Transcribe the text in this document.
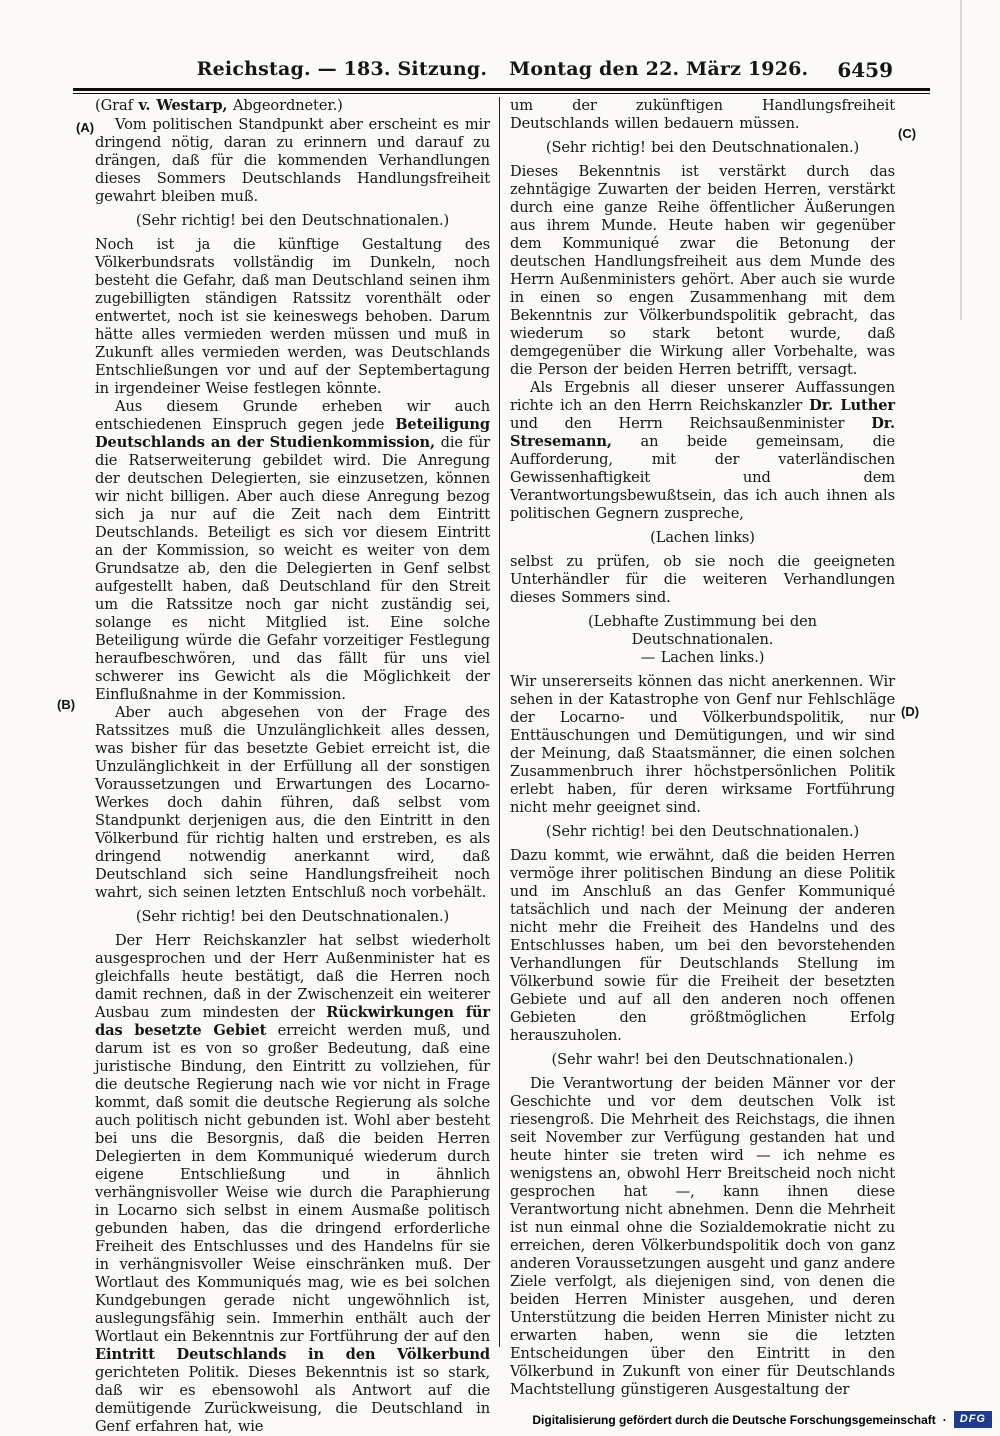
Reichstag. — 183. Sitzung. Montag den 22. März 1926.	6459
(Graf v. Westarp, Abgeordneter.)
Vom politischen Standpunkt aber erscheint es mir dringend nötig, daran zu erinnern und darauf zu drängen, daß für die kommenden Verhandlungen dieses Sommers Deutschlands Handlungsfreiheit gewahrt bleiben muß.
(Sehr richtig! bei den Deutschnationalen.)
Noch ist ja die künftige Gestaltung des Völkerbundsrats vollständig im Dunkeln, noch besteht die Gefahr, daß man Deutschland seinen ihm zugebilligten ständigen Ratssitz vorenthält oder entwertet, noch ist sie keineswegs behoben. Darum hätte alles vermieden werden müssen und muß in Zukunft alles vermieden werden, was Deutschlands Entschließungen vor und auf der Septembertagung in irgendeiner Weise festlegen könnte.
Aus diesem Grunde erheben wir auch entschiedenen Einspruch gegen jede Beteiligung Deutschlands an der Studienkommission, die für die Ratserweiterung gebildet wird. Die Anregung der deutschen Delegierten, sie einzusetzen, können wir nicht billigen. Aber auch diese Anregung bezog sich ja nur auf die Zeit nach dem Eintritt Deutschlands. Beteiligt es sich vor diesem Eintritt an der Kommission, so weicht es weiter von dem Grundsatze ab, den die Delegierten in Genf selbst aufgestellt haben, daß Deutschland für den Streit um die Ratssitze noch gar nicht zuständig sei, solange es nicht Mitglied ist. Eine solche Beteiligung würde die Gefahr vorzeitiger Festlegung heraufbeschwören, und das fällt für uns viel schwerer ins Gewicht als die Möglichkeit der Einflußnahme in der Kommission.
Aber auch abgesehen von der Frage des Ratssitzes muß die Unzulänglichkeit alles dessen, was bisher für das besetzte Gebiet erreicht ist, die Unzulänglichkeit in der Erfüllung all der sonstigen Voraussetzungen und Erwartungen des Locarno-Werkes doch dahin führen, daß selbst vom Standpunkt derjenigen aus, die den Eintritt in den Völkerbund für richtig halten und erstreben, es als dringend notwendig anerkannt wird, daß Deutschland sich seine Handlungsfreiheit noch wahrt, sich seinen letzten Entschluß noch vorbehält.
(Sehr richtig! bei den Deutschnationalen.)
Der Herr Reichskanzler hat selbst wiederholt ausgesprochen und der Herr Außenminister hat es gleichfalls heute bestätigt, daß die Herren noch damit rechnen, daß in der Zwischenzeit ein weiterer Ausbau zum mindesten der Rückwirkungen für das besetzte Gebiet erreicht werden muß, und darum ist es von so großer Bedeutung, daß eine juristische Bindung, den Eintritt zu vollziehen, für die deutsche Regierung nach wie vor nicht in Frage kommt, daß somit die deutsche Regierung als solche auch politisch nicht gebunden ist. Wohl aber besteht bei uns die Besorgnis, daß die beiden Herren Delegierten in dem Kommuniqué wiederum durch eigene Entschließung und in ähnlich verhängnisvoller Weise wie durch die Paraphierung in Locarno sich selbst in einem Ausmaße politisch gebunden haben, das die dringend erforderliche Freiheit des Entschlusses und des Handelns für sie in verhängnisvoller Weise einschränken muß. Der Wortlaut des Kommuniqués mag, wie es bei solchen Kundgebungen gerade nicht ungewöhnlich ist, auslegungsfähig sein. Immerhin enthält auch der Wortlaut ein Bekenntnis zur Fortführung der auf den Eintritt Deutschlands in den Völkerbund gerichteten Politik. Dieses Bekenntnis ist so stark, daß wir es ebensowohl als Antwort auf die demütigende Zurückweisung, die Deutschland in Genf erfahren hat, wie
um der zukünftigen Handlungsfreiheit Deutschlands willen bedauern müssen.
(Sehr richtig! bei den Deutschnationalen.)
Dieses Bekenntnis ist verstärkt durch das zehntägige Zuwarten der beiden Herren, verstärkt durch eine ganze Reihe öffentlicher Äußerungen aus ihrem Munde. Heute haben wir gegenüber dem Kommuniqué zwar die Betonung der deutschen Handlungsfreiheit aus dem Munde des Herrn Außenministers gehört. Aber auch sie wurde in einen so engen Zusammenhang mit dem Bekenntnis zur Völkerbundspolitik gebracht, das wiederum so stark betont wurde, daß demgegenüber die Wirkung aller Vorbehalte, was die Person der beiden Herren betrifft, versagt.
Als Ergebnis all dieser unserer Auffassungen richte ich an den Herrn Reichskanzler Dr. Luther und den Herrn Reichsaußenminister Dr. Stresemann, an beide gemeinsam, die Aufforderung, mit der vaterländischen Gewissenhaftigkeit und dem Verantwortungsbewußtsein, das ich auch ihnen als politischen Gegnern zuspreche,
(Lachen links)
selbst zu prüfen, ob sie noch die geeigneten Unterhändler für die weiteren Verhandlungen dieses Sommers sind.
(Lebhafte Zustimmung bei den Deutschnationalen.
— Lachen links.)
Wir unsererseits können das nicht anerkennen. Wir sehen in der Katastrophe von Genf nur Fehlschläge der Locarno- und Völkerbundspolitik, nur Enttäuschungen und Demütigungen, und wir sind der Meinung, daß Staatsmänner, die einen solchen Zusammenbruch ihrer höchstpersönlichen Politik erlebt haben, für deren wirksame Fortführung nicht mehr geeignet sind.
(Sehr richtig! bei den Deutschnationalen.)
Dazu kommt, wie erwähnt, daß die beiden Herren vermöge ihrer politischen Bindung an diese Politik und im Anschluß an das Genfer Kommuniqué tatsächlich und nach der Meinung der anderen nicht mehr die Freiheit des Handelns und des Entschlusses haben, um bei den bevorstehenden Verhandlungen für Deutschlands Stellung im Völkerbund sowie für die Freiheit der besetzten Gebiete und auf all den anderen noch offenen Gebieten den größtmöglichen Erfolg herauszuholen.
(Sehr wahr! bei den Deutschnationalen.)
Die Verantwortung der beiden Männer vor der Geschichte und vor dem deutschen Volk ist riesengroß. Die Mehrheit des Reichstags, die ihnen seit November zur Verfügung gestanden hat und heute hinter sie treten wird — ich nehme es wenigstens an, obwohl Herr Breitscheid noch nicht gesprochen hat —, kann ihnen diese Verantwortung nicht abnehmen. Denn die Mehrheit ist nun einmal ohne die Sozialdemokratie nicht zu erreichen, deren Völkerbundspolitik doch von ganz anderen Voraussetzungen ausgeht und ganz andere Ziele verfolgt, als diejenigen sind, von denen die beiden Herren Minister ausgehen, und deren Unterstützung die beiden Herren Minister nicht zu erwarten haben, wenn sie die letzten Entscheidungen über den Eintritt in den Völkerbund in Zukunft von einer für Deutschlands Machtstellung günstigeren Ausgestaltung der
(A)
(B)
(C)
(D)
Digitalisierung gefördert durch die Deutsche Forschungsgemeinschaft ·	DFG
